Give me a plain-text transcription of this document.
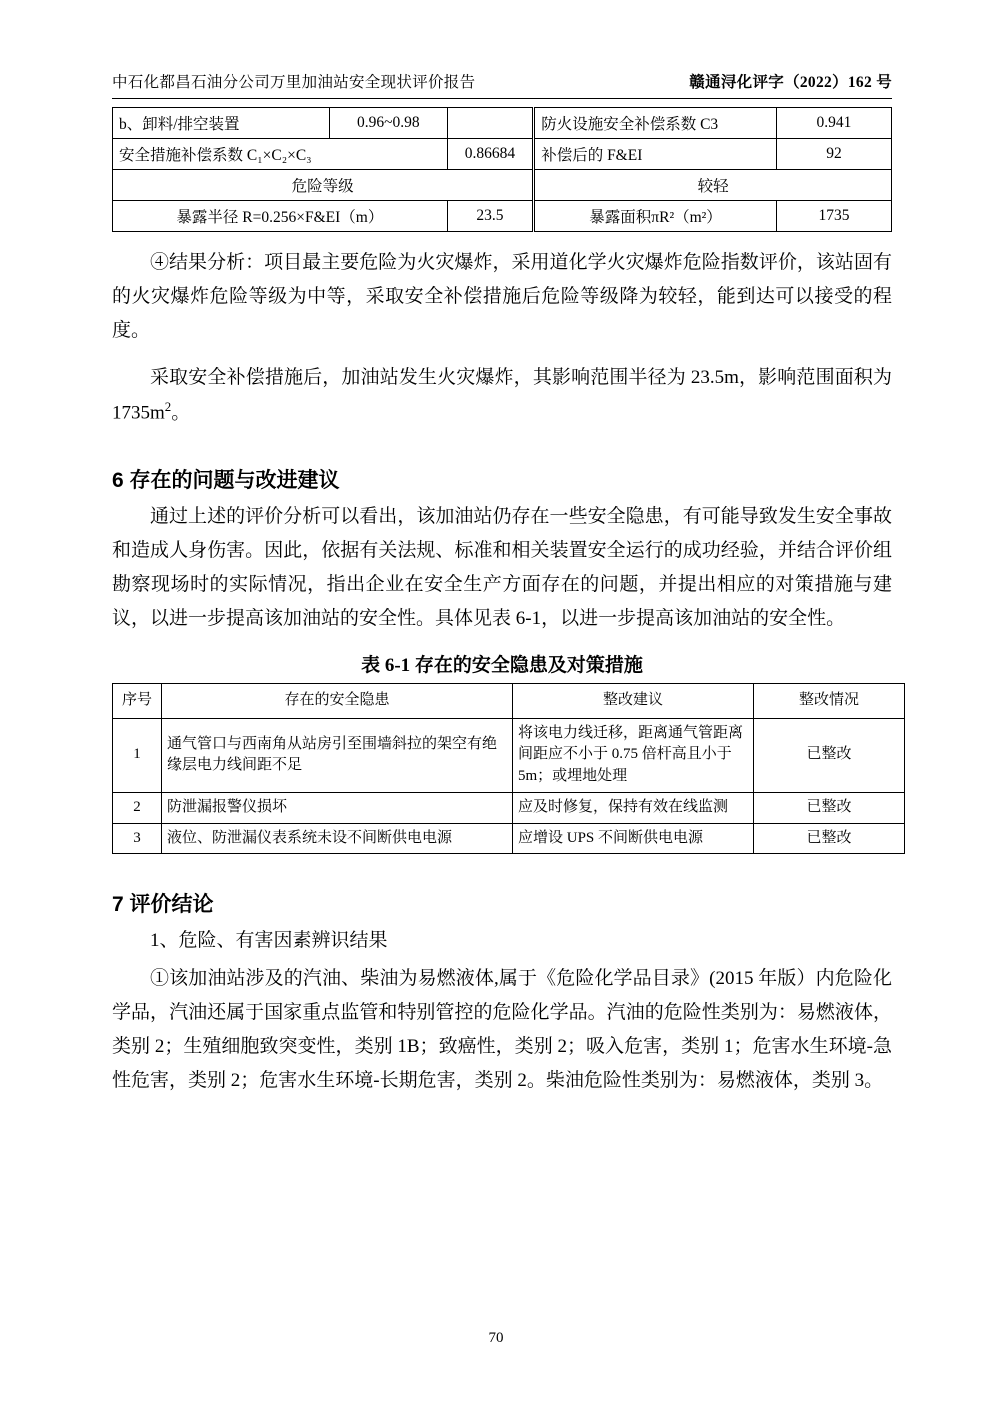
中石化都昌石油分公司万里加油站安全现状评价报告	赣通浔化评字（2022）162 号
b、卸料/排空装置	0.96~0.98		防火设施安全补偿系数 C3	0.941
安全措施补偿系数 C₁×C₂×C₃		0.86684	补偿后的 F&EI	92
危险等级			较轻	
暴露半径 R=0.256×F&EI（m）		23.5	暴露面积πR²（m²）	1735

④结果分析：项目最主要危险为火灾爆炸，采用道化学火灾爆炸危险指数评价，该站固有的火灾爆炸危险等级为中等，采取安全补偿措施后危险等级降为较轻，能到达可以接受的程度。

采取安全补偿措施后，加油站发生火灾爆炸，其影响范围半径为 23.5m，影响范围面积为 $1735m^2$。

6 存在的问题与改进建议

通过上述的评价分析可以看出，该加油站仍存在一些安全隐患，有可能导致发生安全事故和造成人身伤害。因此，依据有关法规、标准和相关装置安全运行的成功经验，并结合评价组勘察现场时的实际情况，指出企业在安全生产方面存在的问题，并提出相应的对策措施与建议，以进一步提高该加油站的安全性。具体见表 6-1，以进一步提高该加油站的安全性。

表 6-1 存在的安全隐患及对策措施
序号	存在的安全隐患	整改建议	整改情况
1	通气管口与西南角从站房引至围墙斜拉的架空有绝缘层电力线间距不足	将该电力线迁移，距离通气管距离间距应不小于 0.75 倍杆高且小于 5m；或埋地处理	已整改
2	防泄漏报警仪损坏	应及时修复，保持有效在线监测	已整改
3	液位、防泄漏仪表系统未设不间断供电电源	应增设 UPS 不间断供电电源	已整改
7 评价结论

1、危险、有害因素辨识结果

①该加油站涉及的汽油、柴油为易燃液体,属于《危险化学品目录》(2015 年版）内危险化学品，汽油还属于国家重点监管和特别管控的危险化学品。汽油的危险性类别为：易燃液体，类别 2；生殖细胞致突变性，类别 1B；致癌性，类别 2；吸入危害，类别 1；危害水生环境-急性危害，类别 2；危害水生环境-长期危害，类别 2。柴油危险性类别为：易燃液体，类别 3。

70
